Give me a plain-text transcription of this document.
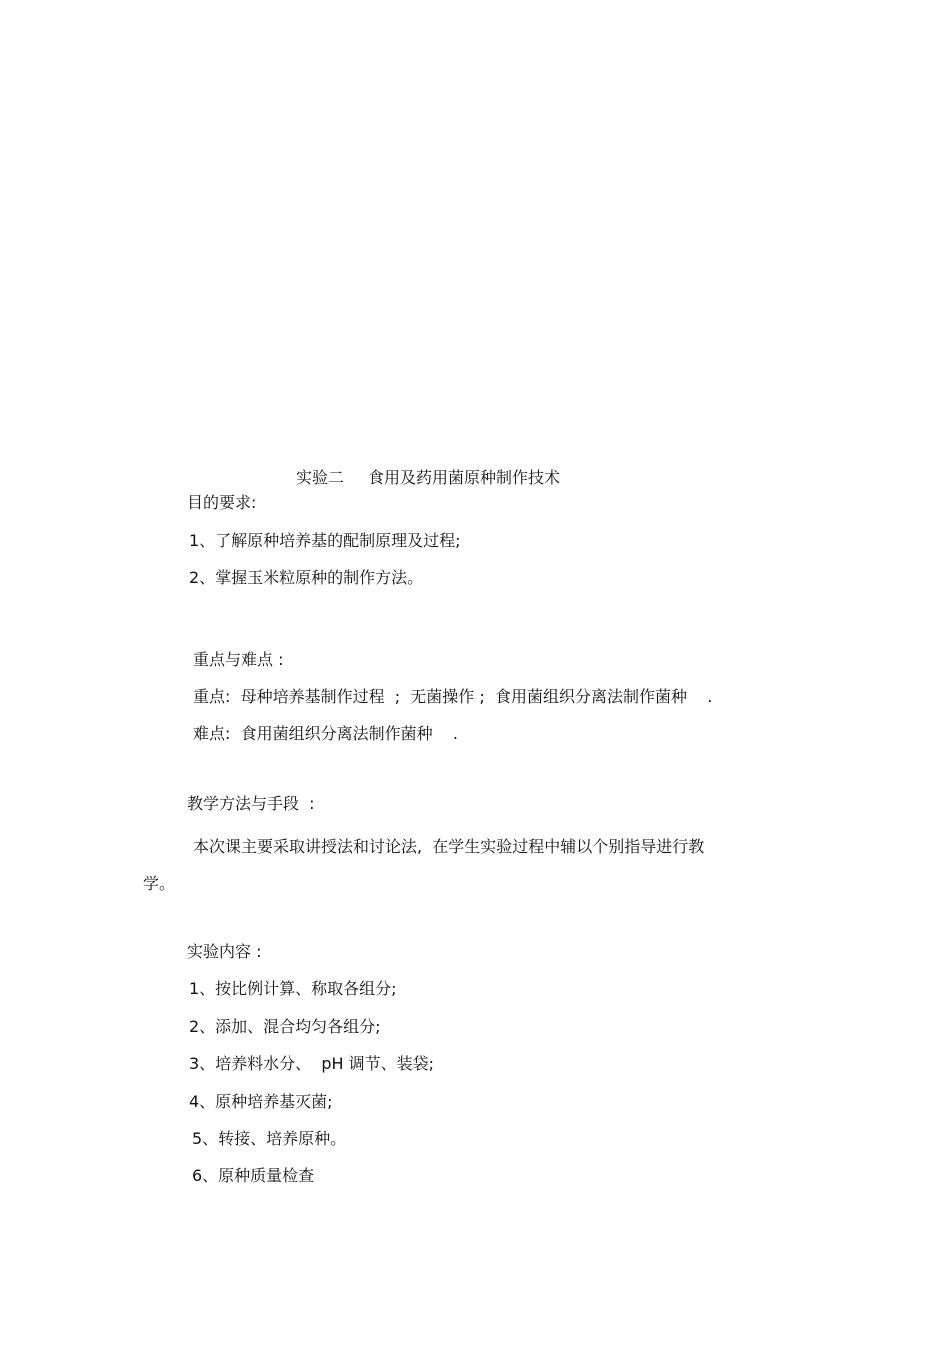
实验二 食用及药用菌原种制作技术
目的要求:
1、了解原种培养基的配制原理及过程;
2、掌握玉米粒原种的制作方法。
重点与难点 :
重点:  母种培养基制作过程  ;  无菌操作 ;  食用菌组织分离法制作菌种    .
难点:  食用菌组织分离法制作菌种    .
教学方法与手段  :
本次课主要采取讲授法和讨论法,  在学生实验过程中辅以个别指导进行教
学。
实验内容 :
1、按比例计算、称取各组分;
2、添加、混合均匀各组分;
3、培养料水分、  pH 调节、装袋;
4、原种培养基灭菌;
5、转接、培养原种。
6、原种质量检查
